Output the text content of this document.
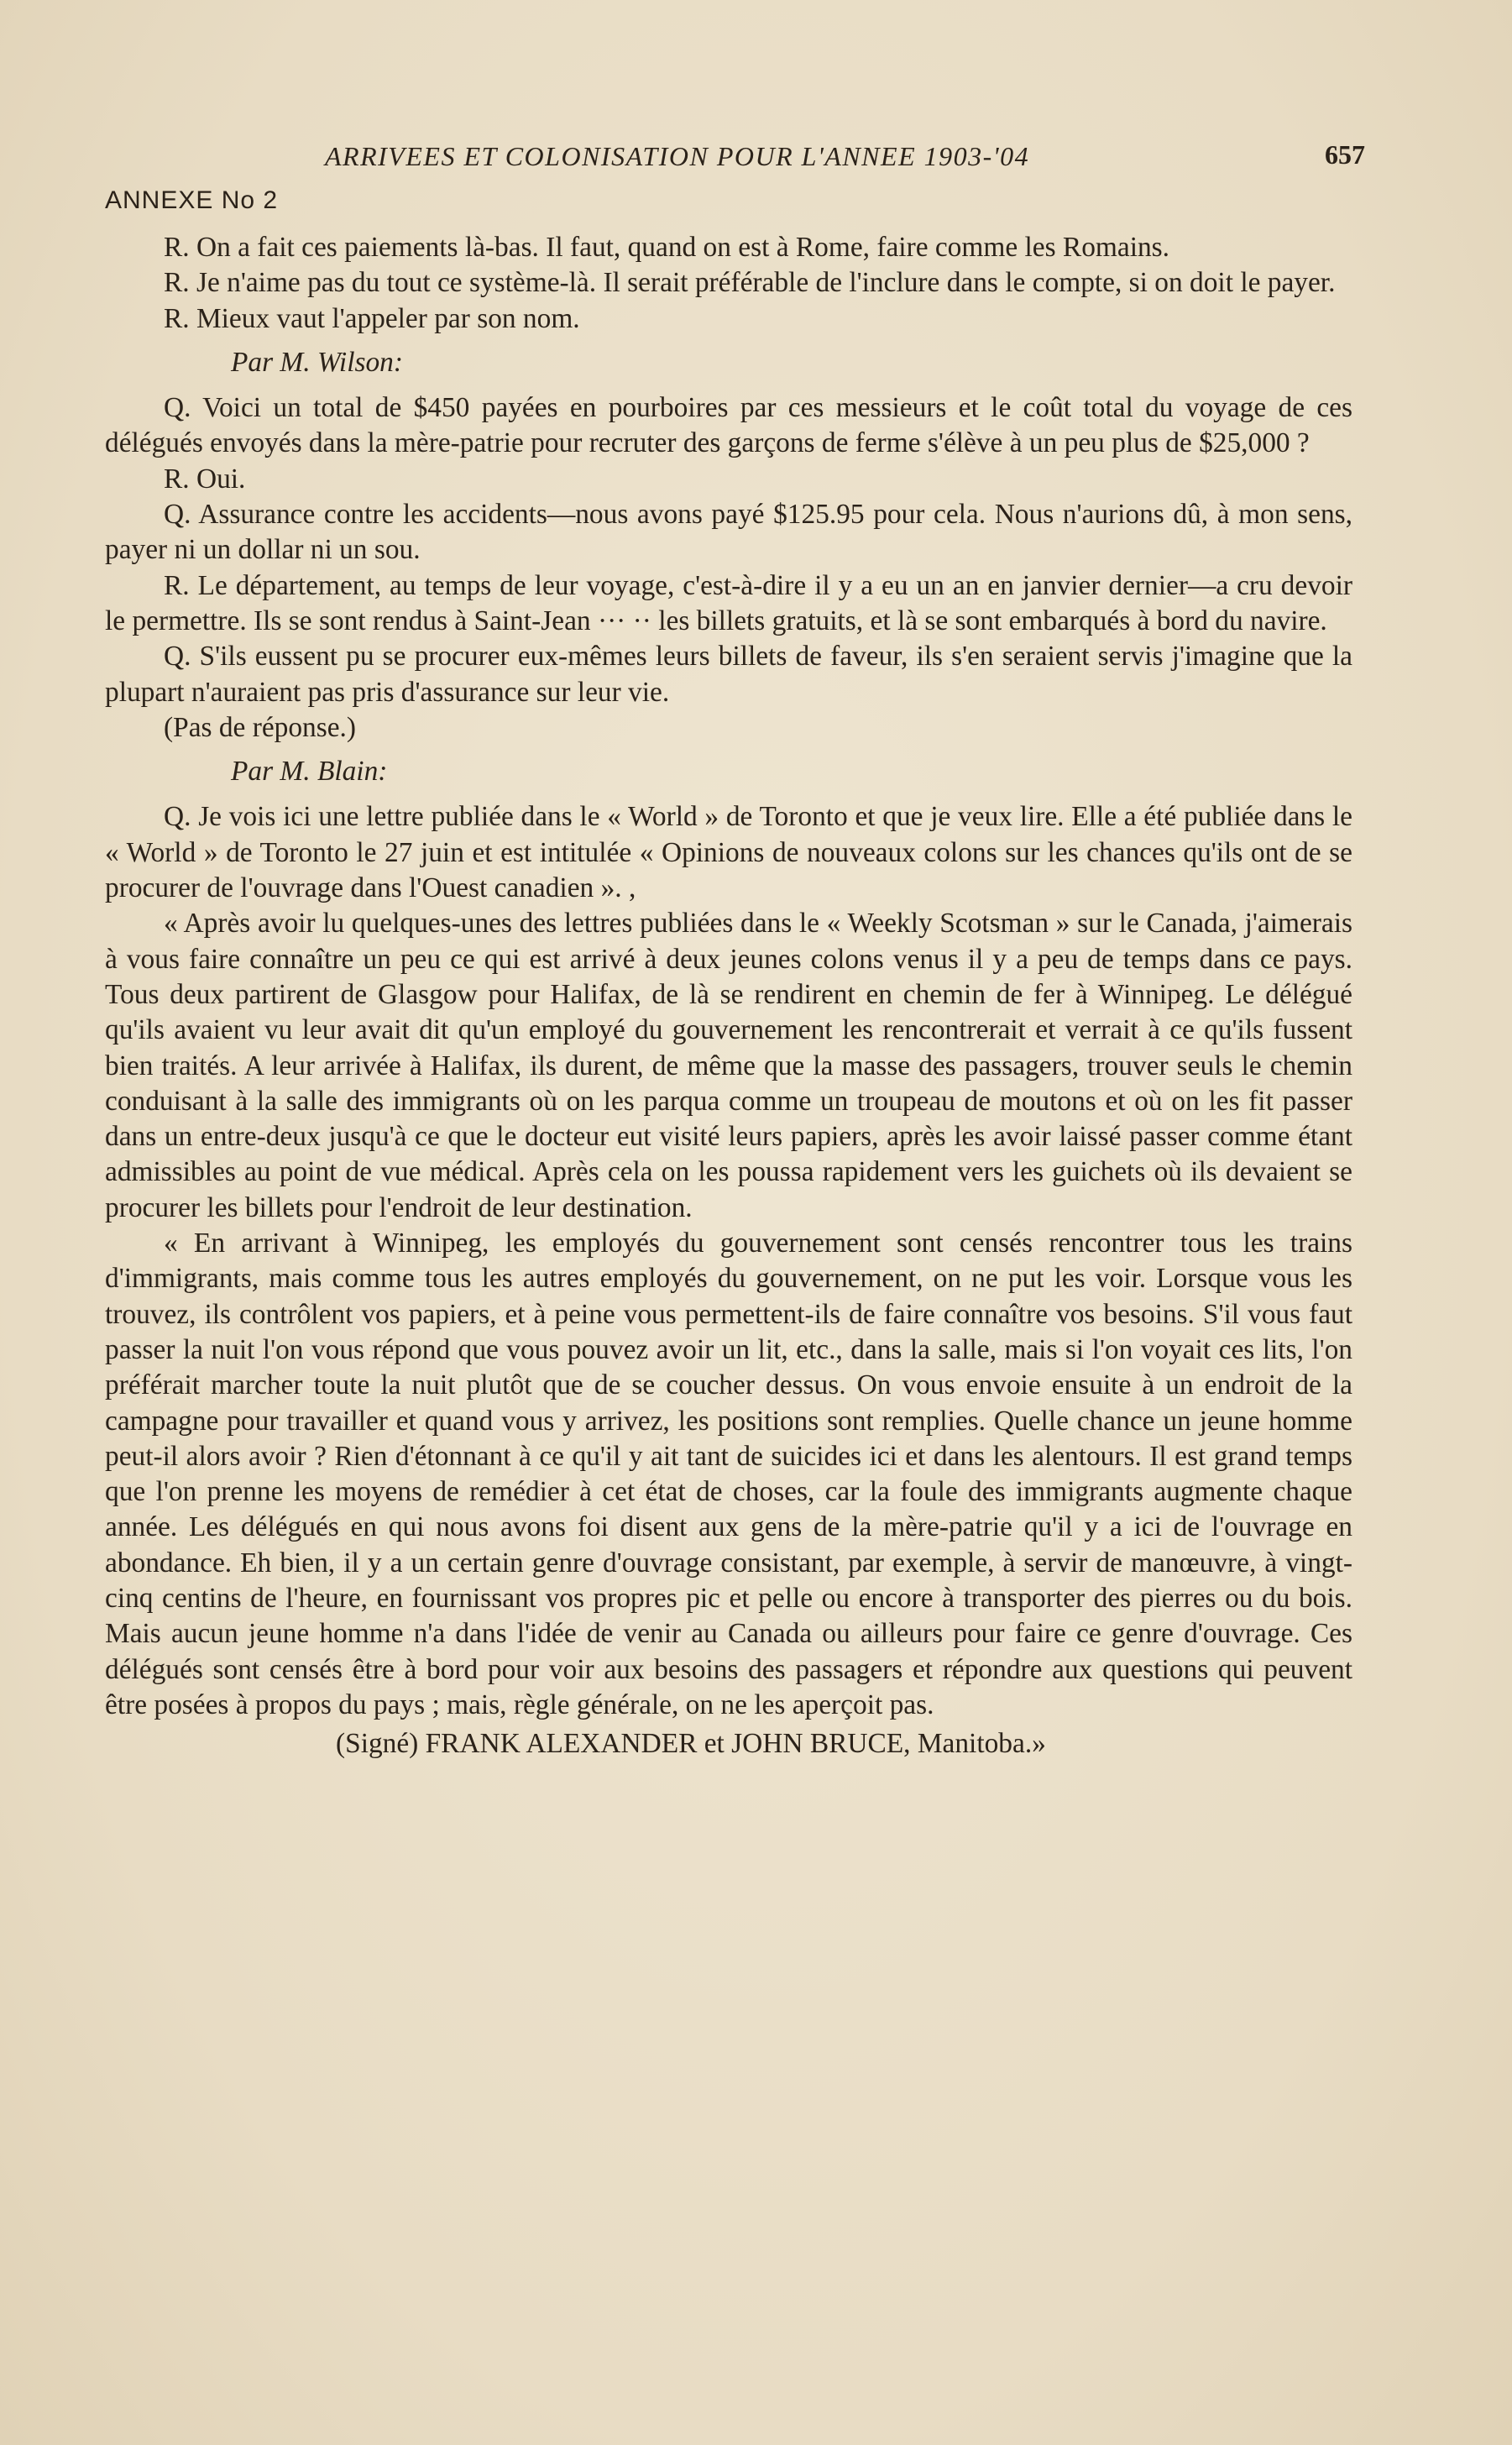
ARRIVEES ET COLONISATION POUR L'ANNEE 1903-'04	657
ANNEXE No 2

R. On a fait ces paiements là-bas. Il faut, quand on est à Rome, faire comme les Romains.

R. Je n'aime pas du tout ce système-là. Il serait préférable de l'inclure dans le compte, si on doit le payer.

R. Mieux vaut l'appeler par son nom.

Par M. Wilson:

Q. Voici un total de $450 payées en pourboires par ces messieurs et le coût total du voyage de ces délégués envoyés dans la mère-patrie pour recruter des garçons de ferme s'élève à un peu plus de $25,000 ?

R. Oui.

Q. Assurance contre les accidents—nous avons payé $125.95 pour cela. Nous n'aurions dû, à mon sens, payer ni un dollar ni un sou.

R. Le département, au temps de leur voyage, c'est-à-dire il y a eu un an en janvier dernier—a cru devoir le permettre. Ils se sont rendus à Saint-Jean ··· ·· les billets gratuits, et là se sont embarqués à bord du navire.

Q. S'ils eussent pu se procurer eux-mêmes leurs billets de faveur, ils s'en seraient servis j'imagine que la plupart n'auraient pas pris d'assurance sur leur vie.

(Pas de réponse.)

Par M. Blain:

Q. Je vois ici une lettre publiée dans le « World » de Toronto et que je veux lire. Elle a été publiée dans le « World » de Toronto le 27 juin et est intitulée « Opinions de nouveaux colons sur les chances qu'ils ont de se procurer de l'ouvrage dans l'Ouest canadien ». ,

« Après avoir lu quelques-unes des lettres publiées dans le « Weekly Scotsman » sur le Canada, j'aimerais à vous faire connaître un peu ce qui est arrivé à deux jeunes colons venus il y a peu de temps dans ce pays. Tous deux partirent de Glasgow pour Halifax, de là se rendirent en chemin de fer à Winnipeg. Le délégué qu'ils avaient vu leur avait dit qu'un employé du gouvernement les rencontrerait et verrait à ce qu'ils fussent bien traités. A leur arrivée à Halifax, ils durent, de même que la masse des passagers, trouver seuls le chemin conduisant à la salle des immigrants où on les parqua comme un troupeau de moutons et où on les fit passer dans un entre-deux jusqu'à ce que le docteur eut visité leurs papiers, après les avoir laissé passer comme étant admissibles au point de vue médical. Après cela on les poussa rapidement vers les guichets où ils devaient se procurer les billets pour l'endroit de leur destination.

« En arrivant à Winnipeg, les employés du gouvernement sont censés rencontrer tous les trains d'immigrants, mais comme tous les autres employés du gouvernement, on ne put les voir. Lorsque vous les trouvez, ils contrôlent vos papiers, et à peine vous permettent-ils de faire connaître vos besoins. S'il vous faut passer la nuit l'on vous répond que vous pouvez avoir un lit, etc., dans la salle, mais si l'on voyait ces lits, l'on préférait marcher toute la nuit plutôt que de se coucher dessus. On vous envoie ensuite à un endroit de la campagne pour travailler et quand vous y arrivez, les positions sont remplies. Quelle chance un jeune homme peut-il alors avoir ? Rien d'étonnant à ce qu'il y ait tant de suicides ici et dans les alentours. Il est grand temps que l'on prenne les moyens de remédier à cet état de choses, car la foule des immigrants augmente chaque année. Les délégués en qui nous avons foi disent aux gens de la mère-patrie qu'il y a ici de l'ouvrage en abondance. Eh bien, il y a un certain genre d'ouvrage consistant, par exemple, à servir de manœuvre, à vingt-cinq centins de l'heure, en fournissant vos propres pic et pelle ou encore à transporter des pierres ou du bois. Mais aucun jeune homme n'a dans l'idée de venir au Canada ou ailleurs pour faire ce genre d'ouvrage. Ces délégués sont censés être à bord pour voir aux besoins des passagers et répondre aux questions qui peuvent être posées à propos du pays ; mais, règle générale, on ne les aperçoit pas.

(Signé) FRANK ALEXANDER et JOHN BRUCE, Manitoba.»
